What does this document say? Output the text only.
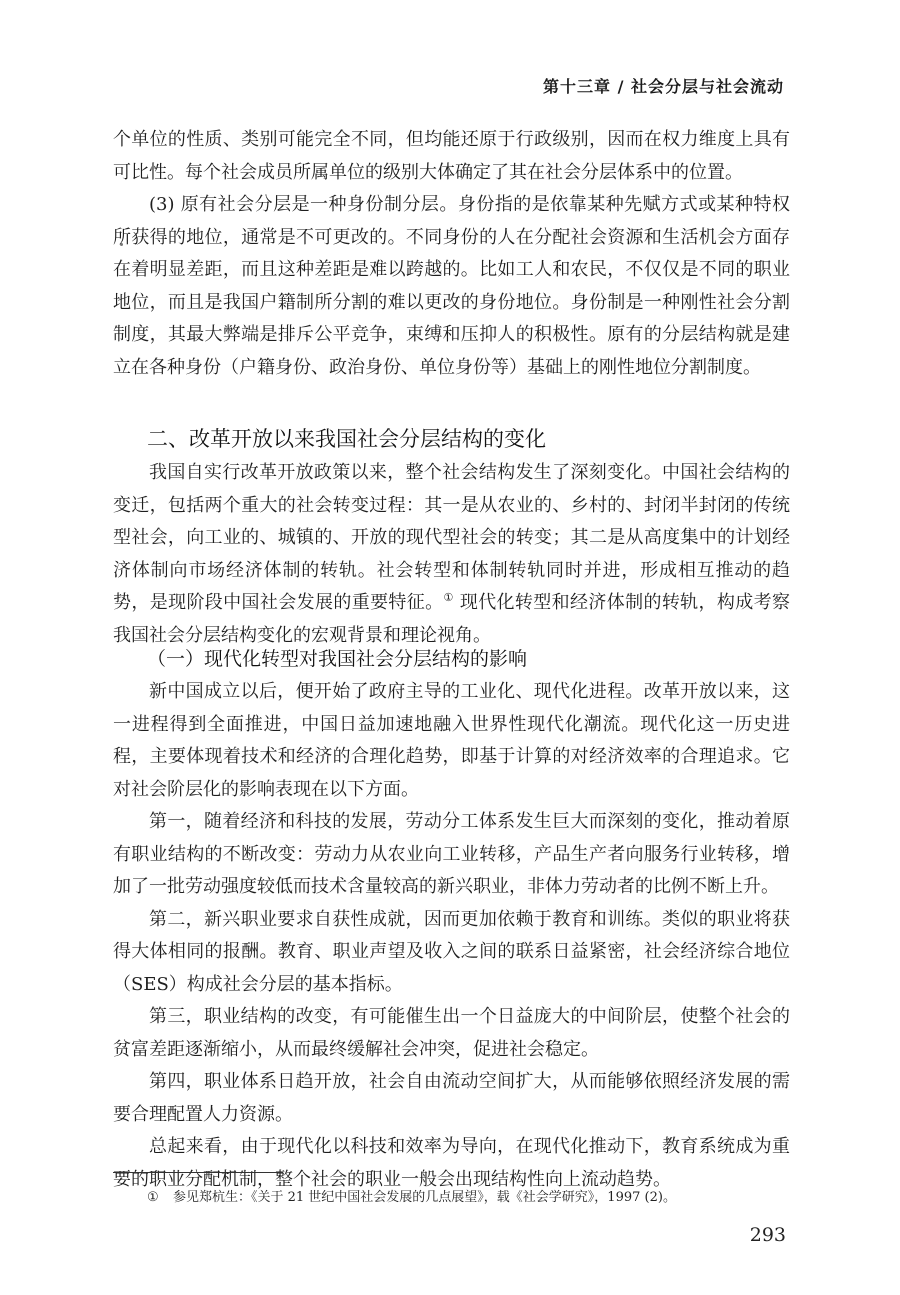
第十三章 / 社会分层与社会流动

个单位的性质、类别可能完全不同，但均能还原于行政级别，因而在权力维度上具有可比性。每个社会成员所属单位的级别大体确定了其在社会分层体系中的位置。

(3) 原有社会分层是一种身份制分层。身份指的是依靠某种先赋方式或某种特权所获得的地位，通常是不可更改的。不同身份的人在分配社会资源和生活机会方面存在着明显差距，而且这种差距是难以跨越的。比如工人和农民，不仅仅是不同的职业地位，而且是我国户籍制所分割的难以更改的身份地位。身份制是一种刚性社会分割制度，其最大弊端是排斥公平竞争，束缚和压抑人的积极性。原有的分层结构就是建立在各种身份（户籍身份、政治身份、单位身份等）基础上的刚性地位分割制度。

二、改革开放以来我国社会分层结构的变化

我国自实行改革开放政策以来，整个社会结构发生了深刻变化。中国社会结构的变迁，包括两个重大的社会转变过程：其一是从农业的、乡村的、封闭半封闭的传统型社会，向工业的、城镇的、开放的现代型社会的转变；其二是从高度集中的计划经济体制向市场经济体制的转轨。社会转型和体制转轨同时并进，形成相互推动的趋势，是现阶段中国社会发展的重要特征。① 现代化转型和经济体制的转轨，构成考察我国社会分层结构变化的宏观背景和理论视角。

（一）现代化转型对我国社会分层结构的影响

新中国成立以后，便开始了政府主导的工业化、现代化进程。改革开放以来，这一进程得到全面推进，中国日益加速地融入世界性现代化潮流。现代化这一历史进程，主要体现着技术和经济的合理化趋势，即基于计算的对经济效率的合理追求。它对社会阶层化的影响表现在以下方面。

第一，随着经济和科技的发展，劳动分工体系发生巨大而深刻的变化，推动着原有职业结构的不断改变：劳动力从农业向工业转移，产品生产者向服务行业转移，增加了一批劳动强度较低而技术含量较高的新兴职业，非体力劳动者的比例不断上升。

第二，新兴职业要求自获性成就，因而更加依赖于教育和训练。类似的职业将获得大体相同的报酬。教育、职业声望及收入之间的联系日益紧密，社会经济综合地位（SES）构成社会分层的基本指标。

第三，职业结构的改变，有可能催生出一个日益庞大的中间阶层，使整个社会的贫富差距逐渐缩小，从而最终缓解社会冲突，促进社会稳定。

第四，职业体系日趋开放，社会自由流动空间扩大，从而能够依照经济发展的需要合理配置人力资源。

总起来看，由于现代化以科技和效率为导向，在现代化推动下，教育系统成为重要的职业分配机制，整个社会的职业一般会出现结构性向上流动趋势。

① 参见郑杭生：《关于 21 世纪中国社会发展的几点展望》，载《社会学研究》，1997 (2)。
293
